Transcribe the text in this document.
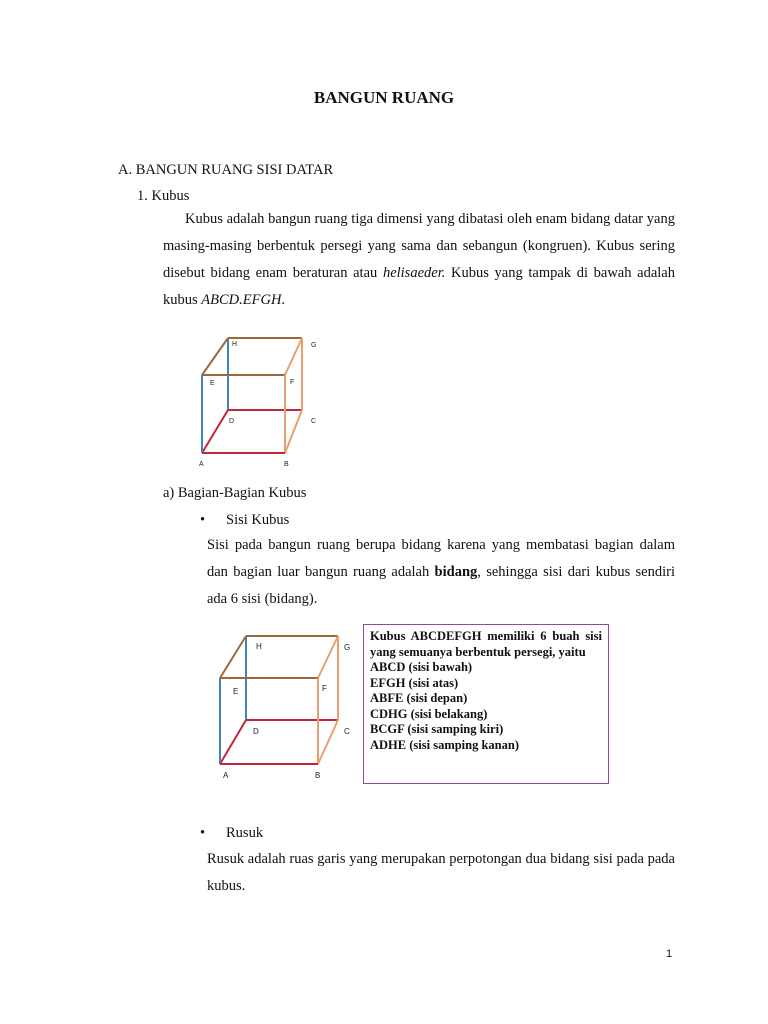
BANGUN RUANG
A. BANGUN RUANG SISI DATAR
1. Kubus
Kubus adalah bangun ruang tiga dimensi yang dibatasi oleh enam bidang datar yang masing-masing berbentuk persegi yang sama dan sebangun (kongruen). Kubus sering disebut bidang enam beraturan atau helisaeder. Kubus yang tampak di bawah adalah kubus ABCD.EFGH.
H	G
E	F
D	C
A	B
a) Bagian-Bagian Kubus
• Sisi Kubus
Sisi pada bangun ruang berupa bidang karena yang membatasi bagian dalam dan bagian luar bangun ruang adalah bidang, sehingga sisi dari kubus sendiri ada 6 sisi (bidang).
H	G
E	F
D	C
A	B
Kubus ABCDEFGH memiliki 6 buah sisi yang semuanya berbentuk persegi, yaitu
ABCD (sisi bawah)
EFGH (sisi atas)
ABFE (sisi depan)
CDHG (sisi belakang)
BCGF (sisi samping kiri)
ADHE (sisi samping kanan)
• Rusuk
Rusuk adalah ruas garis yang merupakan perpotongan dua bidang sisi pada pada kubus.
1
